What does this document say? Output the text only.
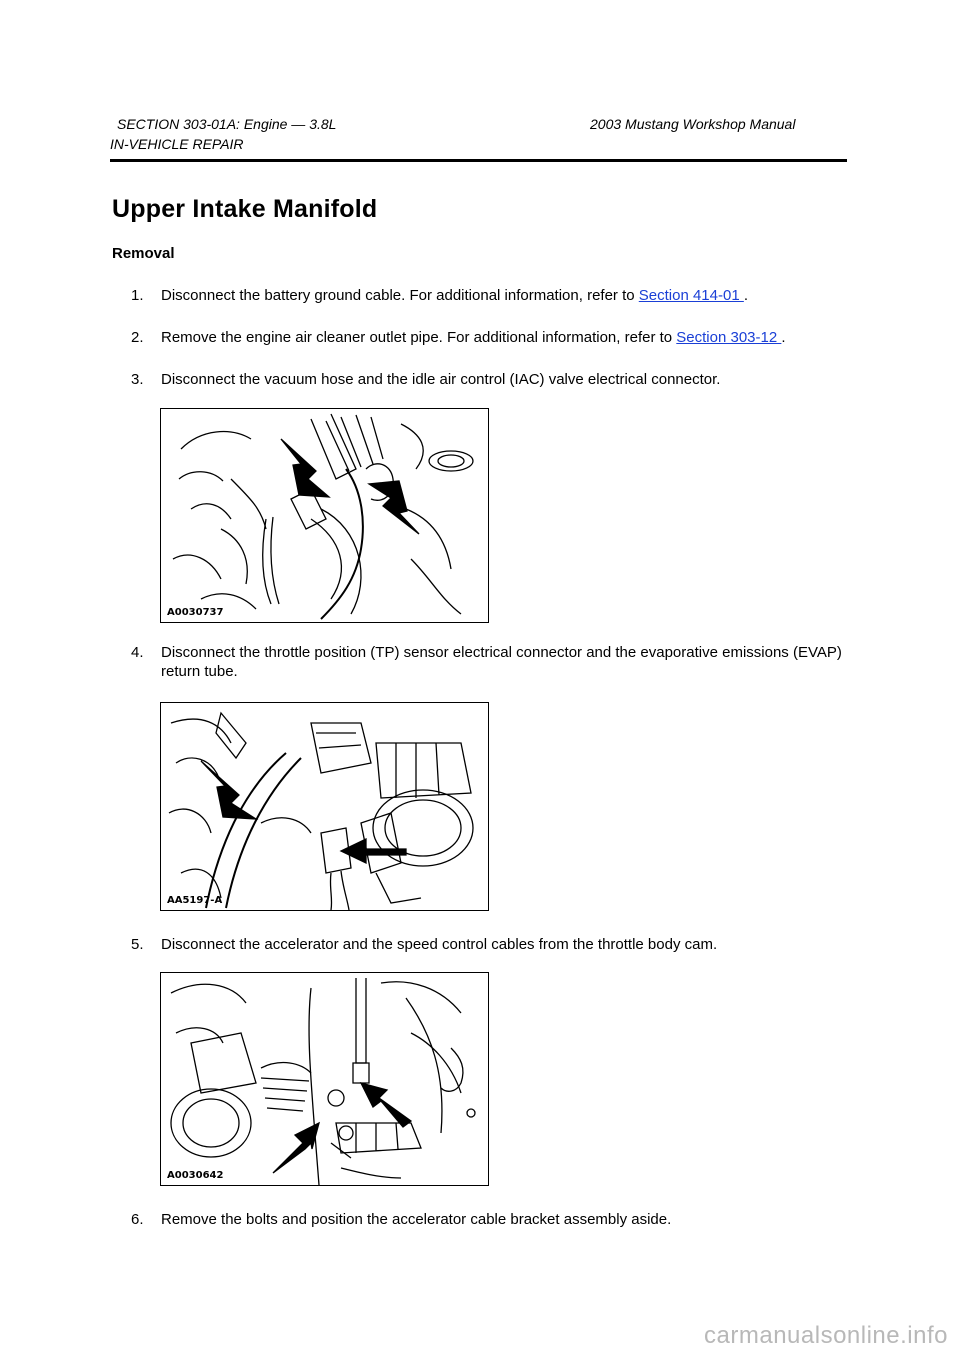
SECTION 303-01A: Engine — 3.8L	2003 Mustang Workshop Manual
IN-VEHICLE REPAIR
Upper Intake Manifold
Removal
1. Disconnect the battery ground cable. For additional information, refer to Section 414-01 .
2. Remove the engine air cleaner outlet pipe. For additional information, refer to Section 303-12 .
3. Disconnect the vacuum hose and the idle air control (IAC) valve electrical connector.
A0030737
4. Disconnect the throttle position (TP) sensor electrical connector and the evaporative emissions (EVAP) return tube.
AA5197-A
5. Disconnect the accelerator and the speed control cables from the throttle body cam.
A0030642
6. Remove the bolts and position the accelerator cable bracket assembly aside.
carmanualsonline.info
